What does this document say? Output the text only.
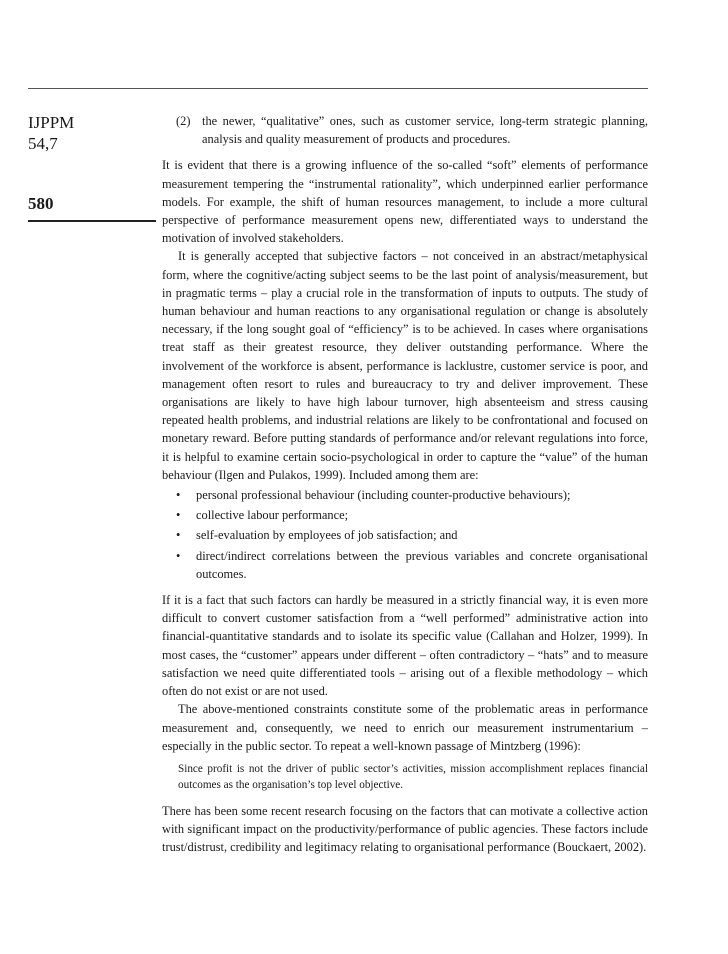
IJPPM
54,7
580
(2) the newer, “qualitative” ones, such as customer service, long-term strategic planning, analysis and quality measurement of products and procedures.

It is evident that there is a growing influence of the so-called “soft” elements of performance measurement tempering the “instrumental rationality”, which underpinned earlier performance models. For example, the shift of human resources management, to include a more cultural perspective of performance measurement opens new, differentiated ways to understand the motivation of involved stakeholders.

It is generally accepted that subjective factors – not conceived in an abstract/metaphysical form, where the cognitive/acting subject seems to be the last point of analysis/measurement, but in pragmatic terms – play a crucial role in the transformation of inputs to outputs. The study of human behaviour and human reactions to any organisational regulation or change is absolutely necessary, if the long sought goal of “efficiency” is to be achieved. In cases where organisations treat staff as their greatest resource, they deliver outstanding performance. Where the involvement of the workforce is absent, performance is lacklustre, customer service is poor, and management often resort to rules and bureaucracy to try and deliver improvement. These organisations are likely to have high labour turnover, high absenteeism and stress causing repeated health problems, and industrial relations are likely to be confrontational and focused on monetary reward. Before putting standards of performance and/or relevant regulations into force, it is helpful to examine certain socio-psychological in order to capture the “value” of the human behaviour (Ilgen and Pulakos, 1999). Included among them are:

•	personal professional behaviour (including counter-productive behaviours);
•	collective labour performance;
•	self-evaluation by employees of job satisfaction; and
•	direct/indirect correlations between the previous variables and concrete organisational outcomes.

If it is a fact that such factors can hardly be measured in a strictly financial way, it is even more difficult to convert customer satisfaction from a “well performed” administrative action into financial-quantitative standards and to isolate its specific value (Callahan and Holzer, 1999). In most cases, the “customer” appears under different – often contradictory – “hats” and to measure satisfaction we need quite differentiated tools – arising out of a flexible methodology – which often do not exist or are not used.

The above-mentioned constraints constitute some of the problematic areas in performance measurement and, consequently, we need to enrich our measurement instrumentarium – especially in the public sector. To repeat a well-known passage of Mintzberg (1996):

Since profit is not the driver of public sector’s activities, mission accomplishment replaces financial outcomes as the organisation’s top level objective.

There has been some recent research focusing on the factors that can motivate a collective action with significant impact on the productivity/performance of public agencies. These factors include trust/distrust, credibility and legitimacy relating to organisational performance (Bouckaert, 2002).
